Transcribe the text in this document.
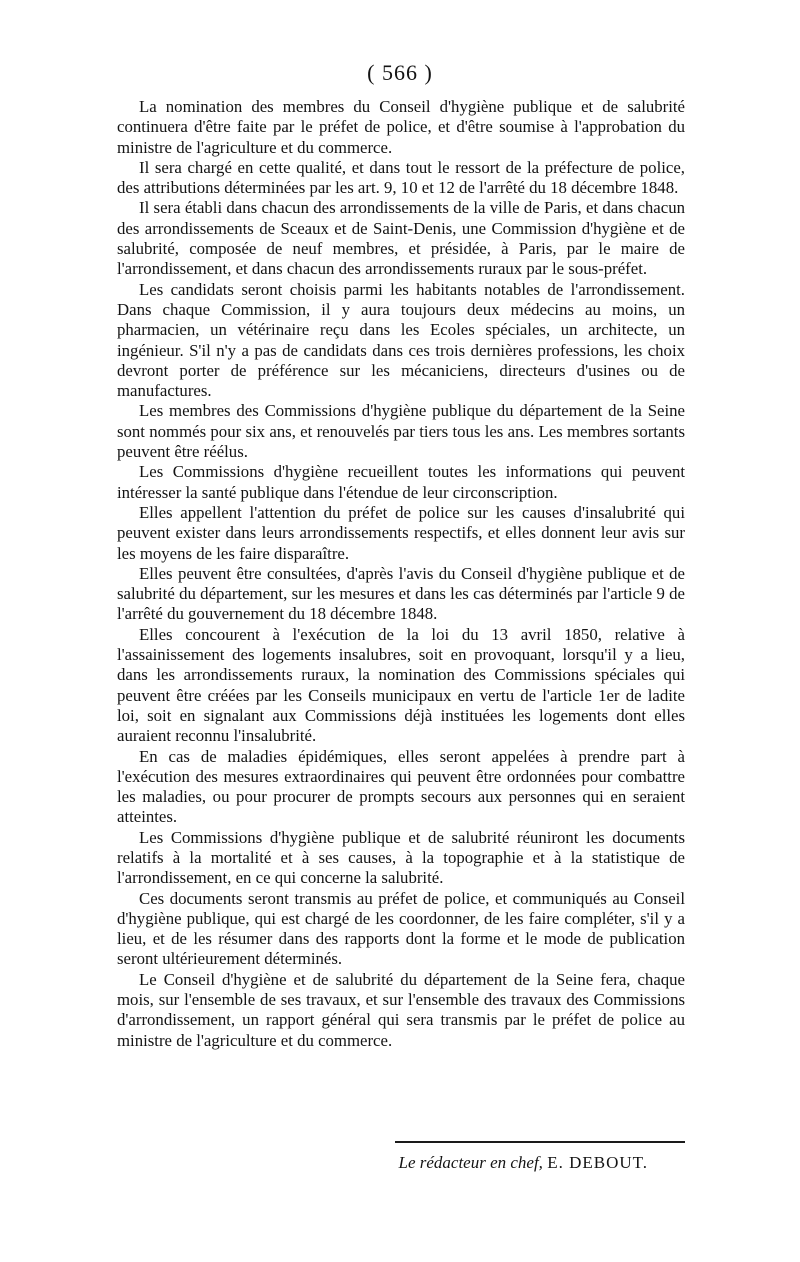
( 566 )

La nomination des membres du Conseil d'hygiène publique et de salubrité continuera d'être faite par le préfet de police, et d'être soumise à l'approbation du ministre de l'agriculture et du commerce.

Il sera chargé en cette qualité, et dans tout le ressort de la préfecture de police, des attributions déterminées par les art. 9, 10 et 12 de l'arrêté du 18 décembre 1848.

Il sera établi dans chacun des arrondissements de la ville de Paris, et dans chacun des arrondissements de Sceaux et de Saint-Denis, une Commission d'hygiène et de salubrité, composée de neuf membres, et présidée, à Paris, par le maire de l'arrondissement, et dans chacun des arrondissements ruraux par le sous-préfet.

Les candidats seront choisis parmi les habitants notables de l'arrondissement. Dans chaque Commission, il y aura toujours deux médecins au moins, un pharmacien, un vétérinaire reçu dans les Ecoles spéciales, un architecte, un ingénieur. S'il n'y a pas de candidats dans ces trois dernières professions, les choix devront porter de préférence sur les mécaniciens, directeurs d'usines ou de manufactures.

Les membres des Commissions d'hygiène publique du département de la Seine sont nommés pour six ans, et renouvelés par tiers tous les ans. Les membres sortants peuvent être réélus.

Les Commissions d'hygiène recueillent toutes les informations qui peuvent intéresser la santé publique dans l'étendue de leur circonscription.

Elles appellent l'attention du préfet de police sur les causes d'insalubrité qui peuvent exister dans leurs arrondissements respectifs, et elles donnent leur avis sur les moyens de les faire disparaître.

Elles peuvent être consultées, d'après l'avis du Conseil d'hygiène publique et de salubrité du département, sur les mesures et dans les cas déterminés par l'article 9 de l'arrêté du gouvernement du 18 décembre 1848.

Elles concourent à l'exécution de la loi du 13 avril 1850, relative à l'assainissement des logements insalubres, soit en provoquant, lorsqu'il y a lieu, dans les arrondissements ruraux, la nomination des Commissions spéciales qui peuvent être créées par les Conseils municipaux en vertu de l'article 1er de ladite loi, soit en signalant aux Commissions déjà instituées les logements dont elles auraient reconnu l'insalubrité.

En cas de maladies épidémiques, elles seront appelées à prendre part à l'exécution des mesures extraordinaires qui peuvent être ordonnées pour combattre les maladies, ou pour procurer de prompts secours aux personnes qui en seraient atteintes.

Les Commissions d'hygiène publique et de salubrité réuniront les documents relatifs à la mortalité et à ses causes, à la topographie et à la statistique de l'arrondissement, en ce qui concerne la salubrité.

Ces documents seront transmis au préfet de police, et communiqués au Conseil d'hygiène publique, qui est chargé de les coordonner, de les faire compléter, s'il y a lieu, et de les résumer dans des rapports dont la forme et le mode de publication seront ultérieurement déterminés.

Le Conseil d'hygiène et de salubrité du département de la Seine fera, chaque mois, sur l'ensemble de ses travaux, et sur l'ensemble des travaux des Commissions d'arrondissement, un rapport général qui sera transmis par le préfet de police au ministre de l'agriculture et du commerce.

Le rédacteur en chef, E. DEBOUT.
